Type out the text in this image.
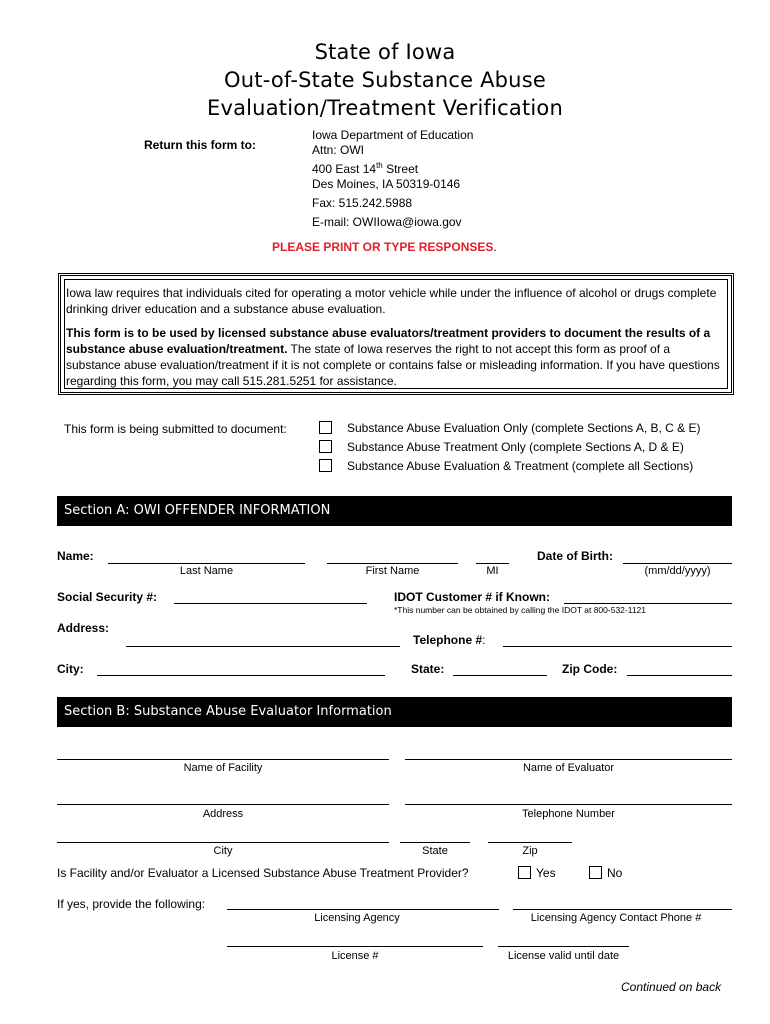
State of Iowa
Out-of-State Substance Abuse
Evaluation/Treatment Verification
Return this form to:
Iowa Department of Education
Attn: OWI
400 East 14th Street
Des Moines, IA 50319-0146
Fax: 515.242.5988
E-mail: OWIIowa@iowa.gov
PLEASE PRINT OR TYPE RESPONSES.
Iowa law requires that individuals cited for operating a motor vehicle while under the influence of alcohol or drugs complete drinking driver education and a substance abuse evaluation.
This form is to be used by licensed substance abuse evaluators/treatment providers to document the results of a substance abuse evaluation/treatment. The state of Iowa reserves the right to not accept this form as proof of a substance abuse evaluation/treatment if it is not complete or contains false or misleading information. If you have questions regarding this form, you may call 515.281.5251 for assistance.
This form is being submitted to document:	Substance Abuse Evaluation Only (complete Sections A, B, C & E)
Substance Abuse Treatment Only (complete Sections A, D & E)
Substance Abuse Evaluation & Treatment (complete all Sections)
Section A: OWI OFFENDER INFORMATION
Name:	Date of Birth:
Last Name	First Name	MI	(mm/dd/yyyy)
Social Security #:	IDOT Customer # if Known:
*This number can be obtained by calling the IDOT at 800-532-1121
Address:
Telephone #:
City:	State:	Zip Code:
Section B: Substance Abuse Evaluator Information
Name of Facility	Name of Evaluator
Address	Telephone Number
City	State	Zip
Is Facility and/or Evaluator a Licensed Substance Abuse Treatment Provider?	Yes	No
If yes, provide the following:
Licensing Agency	Licensing Agency Contact Phone #
License #	License valid until date
Continued on back
